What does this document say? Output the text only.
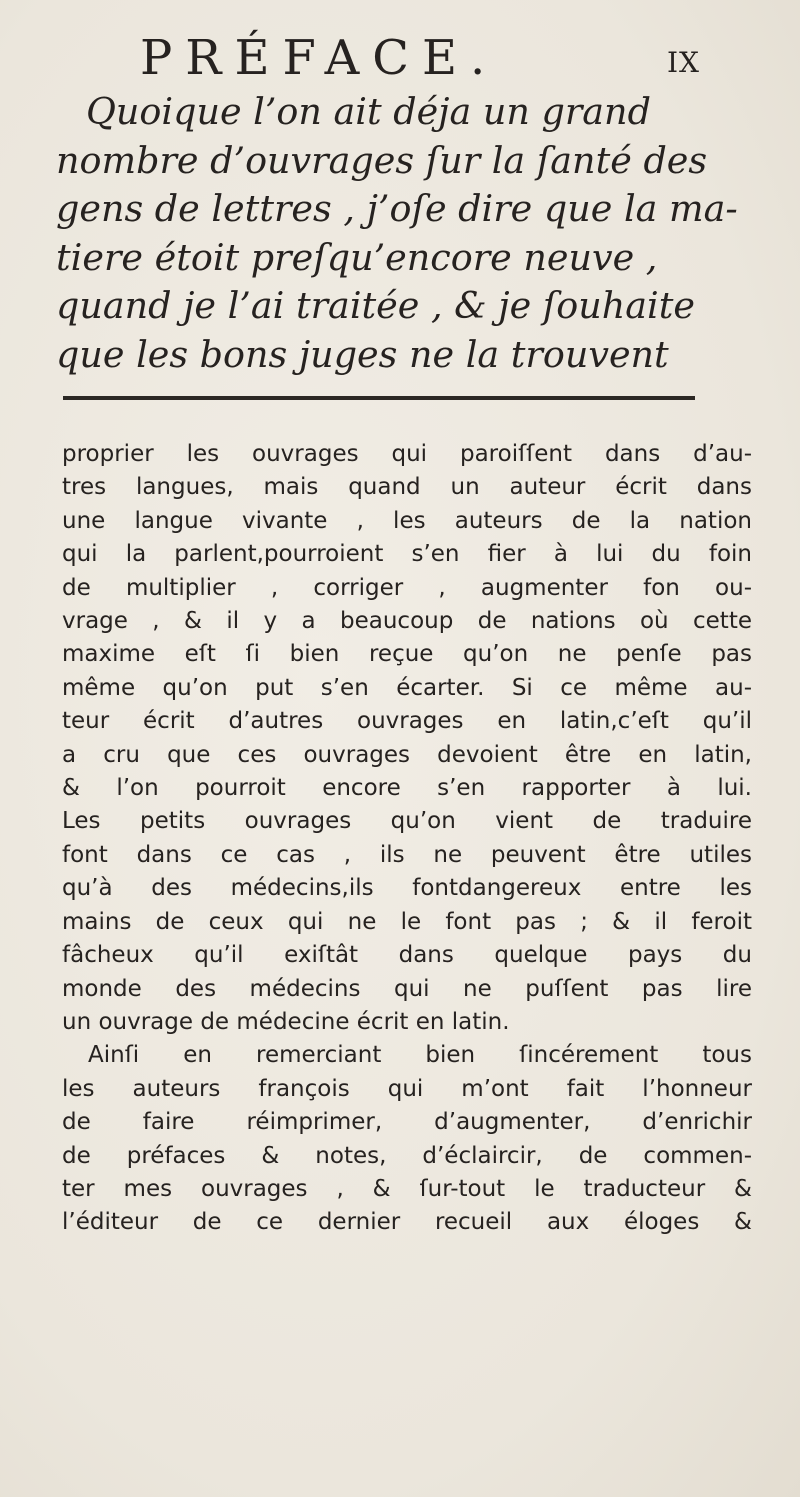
PRÉFACE.	IX
Quoique l’on ait déja un grand
nombre d’ouvrages ſur la ſanté des
gens de lettres , j’oſe dire que la ma-
tiere étoit preſqu’encore neuve ,
quand je l’ai traitée , & je ſouhaite
que les bons juges ne la trouvent
proprier les ouvrages qui paroiſſent dans d’au-
tres langues, mais quand un auteur écrit dans
une langue vivante , les auteurs de la nation
qui la parlent,pourroient s’en fier à lui du foin
de multiplier , corriger , augmenter fon ou-
vrage , & il y a beaucoup de nations où cette
maxime eſt ſi bien reçue qu’on ne penſe pas
même qu’on put s’en écarter. Si ce même au-
teur écrit d’autres ouvrages en latin,c’eſt qu’il
a cru que ces ouvrages devoient être en latin,
& l’on pourroit encore s’en rapporter à lui.
Les petits ouvrages qu’on vient de traduire
font dans ce cas , ils ne peuvent être utiles
qu’à des médecins,ils fontdangereux entre les
mains de ceux qui ne le font pas ; & il feroit
fâcheux qu’il exiſtât dans quelque pays du
monde des médecins qui ne puſſent pas lire
un ouvrage de médecine écrit en latin.
Ainſi en remerciant bien ſincérement tous
les auteurs françois qui m’ont fait l’honneur
de faire réimprimer, d’augmenter, d’enrichir
de préfaces & notes, d’éclaircir, de commen-
ter mes ouvrages , & ſur-tout le traducteur &
l’éditeur de ce dernier recueil aux éloges &
